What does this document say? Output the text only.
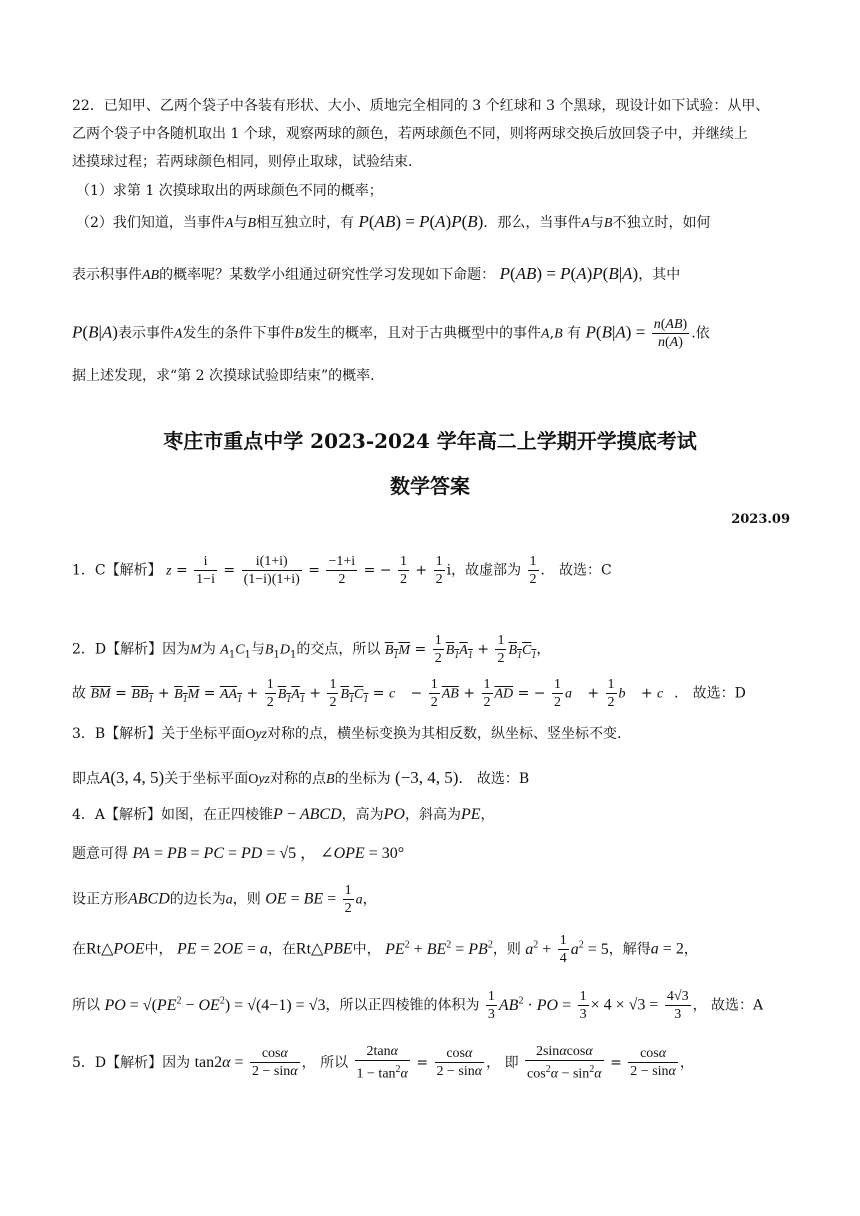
22．已知甲、乙两个袋子中各装有形状、大小、质地完全相同的 3 个红球和 3 个黑球，现设计如下试验：从甲、
乙两个袋子中各随机取出 1 个球，观察两球的颜色，若两球颜色不同，则将两球交换后放回袋子中，并继续上
述摸球过程；若两球颜色相同，则停止取球，试验结束．
（1）求第 1 次摸球取出的两球颜色不同的概率；
（2）我们知道，当事件A与B相互独立时，有 P(AB) = P(A)P(B)．那么，当事件A与B不独立时，如何
表示积事件AB的概率呢？某数学小组通过研究性学习发现如下命题： P(AB) = P(A)P(B|A)，其中
P(B|A)表示事件A发生的条件下事件B发生的概率，且对于古典概型中的事件A,B 有 $P(B|A) = \frac{n(AB)}{n(A)}$ .依
据上述发现，求“第 2 次摸球试验即结束”的概率.
枣庄市重点中学 2023-2024 学年高二上学期开学摸底考试
数学答案
2023.09
1．C【解析】 $z = \frac{i}{1-i} = \frac{i(1+i)}{(1-i)(1+i)} = \frac{-1+i}{2}$ = − $\frac{1}{2} + \frac{1}{2}$ i，故虚部为 $\frac{1}{2}$ ． 故选：C
2．D【解析】因为M为 $A_1C_1$与$B_1D_1$的交点，所以 $B_1M = \frac{1}{2} B_1A_1 + \frac{1}{2} B_1C_1$，
故 $\overline{BM} = BB_1 + B_1M = AA_1 + \frac{1}{2} B_1A_1 + \frac{1}{2} B_1C_1$ = c⃗ − $\frac{1}{2} \overline{AB} + \frac{1}{2} \overline{AD}$ = − $\frac{1}{2}$ a⃗ + $\frac{1}{2}$ b⃗ + c⃗． 故选：D
3．B【解析】关于坐标平面Oyz对称的点，横坐标变换为其相反数，纵坐标、竖坐标不变.
即点A(3, 4, 5)关于坐标平面Oyz对称的点B的坐标为 (−3, 4, 5)． 故选：B
4．A【解析】如图，在正四棱锥P − ABCD，高为PO，斜高为PE，
题意可得 PA = PB = PC = PD = √5 ， ∠OPE = 30°
设正方形ABCD的边长为a，则 OE = BE = $\frac{1}{2}$ a，
在Rt△POE中， PE = 2OE = a，在Rt△PBE中， $PE^2 + BE^2 = PB^2$，则 $a^2 + \frac{1}{4} a^2 = 5$，解得a = 2，
所以 PO = $√(PE^2 - OE^2) = √(4-1) = √3$，所以正四棱锥的体积为 $\frac{1}{3} AB^2$ · PO = $\frac{1}{3} \times 4 \times √3 = \frac{4√3}{3}$ ， 故选：A
5．D【解析】因为 $\tan 2\alpha = \frac{\cos\alpha}{2 - \sin\alpha}$ ， 所以 $\frac{2\tan\alpha}{1 - \tan^2\alpha} = \frac{\cos\alpha}{2 - \sin\alpha}$ ， 即 $\frac{2\sin\alpha\cos\alpha}{\cos^2\alpha - \sin^2\alpha} = \frac{\cos\alpha}{2 - \sin\alpha}$ ，
